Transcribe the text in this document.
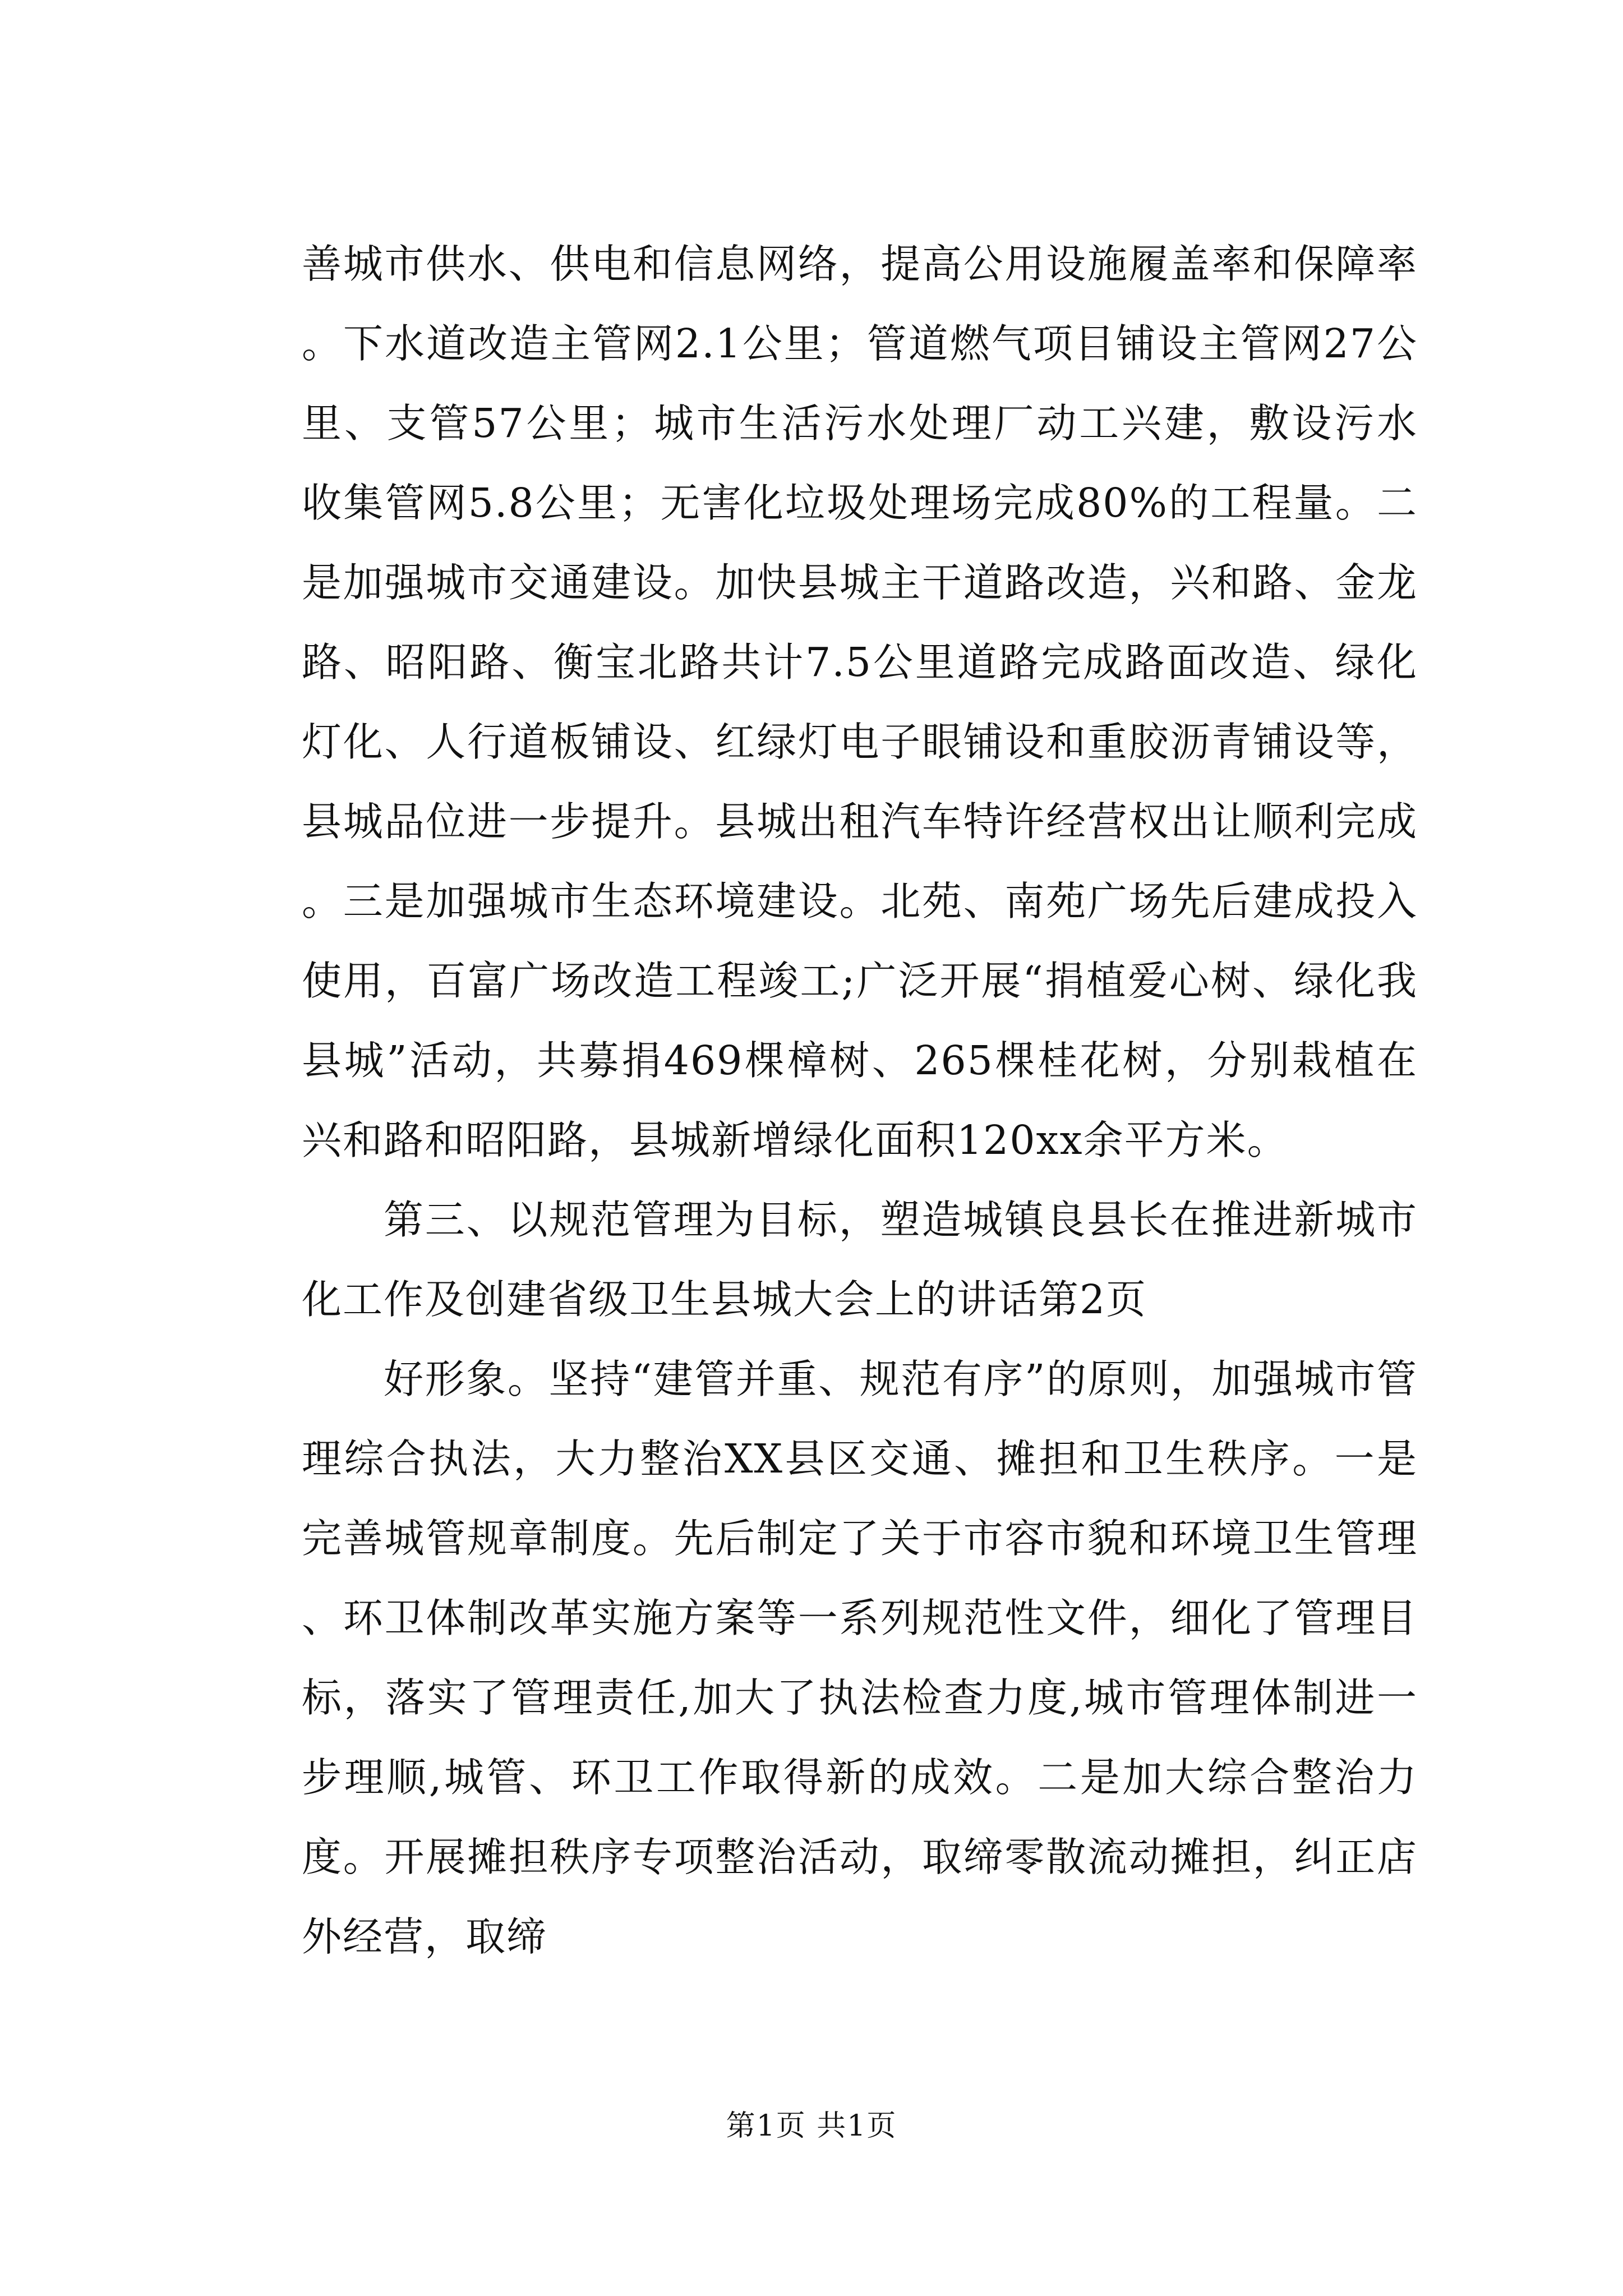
善城市供水、供电和信息网络，提高公用设施履盖率和保障率。下水道改造主管网2.1公里；管道燃气项目铺设主管网27公里、支管57公里；城市生活污水处理厂动工兴建，敷设污水收集管网5.8公里；无害化垃圾处理场完成80%的工程量。二是加强城市交通建设。加快县城主干道路改造，兴和路、金龙路、昭阳路、衡宝北路共计7.5公里道路完成路面改造、绿化灯化、人行道板铺设、红绿灯电子眼铺设和重胶沥青铺设等，县城品位进一步提升。县城出租汽车特许经营权出让顺利完成。三是加强城市生态环境建设。北苑、南苑广场先后建成投入使用，百富广场改造工程竣工;广泛开展“捐植爱心树、绿化我县城”活动，共募捐469棵樟树、265棵桂花树，分别栽植在兴和路和昭阳路，县城新增绿化面积120xx余平方米。

第三、以规范管理为目标，塑造城镇良县长在推进新城市化工作及创建省级卫生县城大会上的讲话第2页

好形象。坚持“建管并重、规范有序”的原则，加强城市管理综合执法，大力整治XX县区交通、摊担和卫生秩序。一是完善城管规章制度。先后制定了关于市容市貌和环境卫生管理、环卫体制改革实施方案等一系列规范性文件，细化了管理目标，落实了管理责任,加大了执法检查力度,城市管理体制进一步理顺,城管、环卫工作取得新的成效。二是加大综合整治力度。开展摊担秩序专项整治活动，取缔零散流动摊担，纠正店外经营，取缔

第1页 共1页
